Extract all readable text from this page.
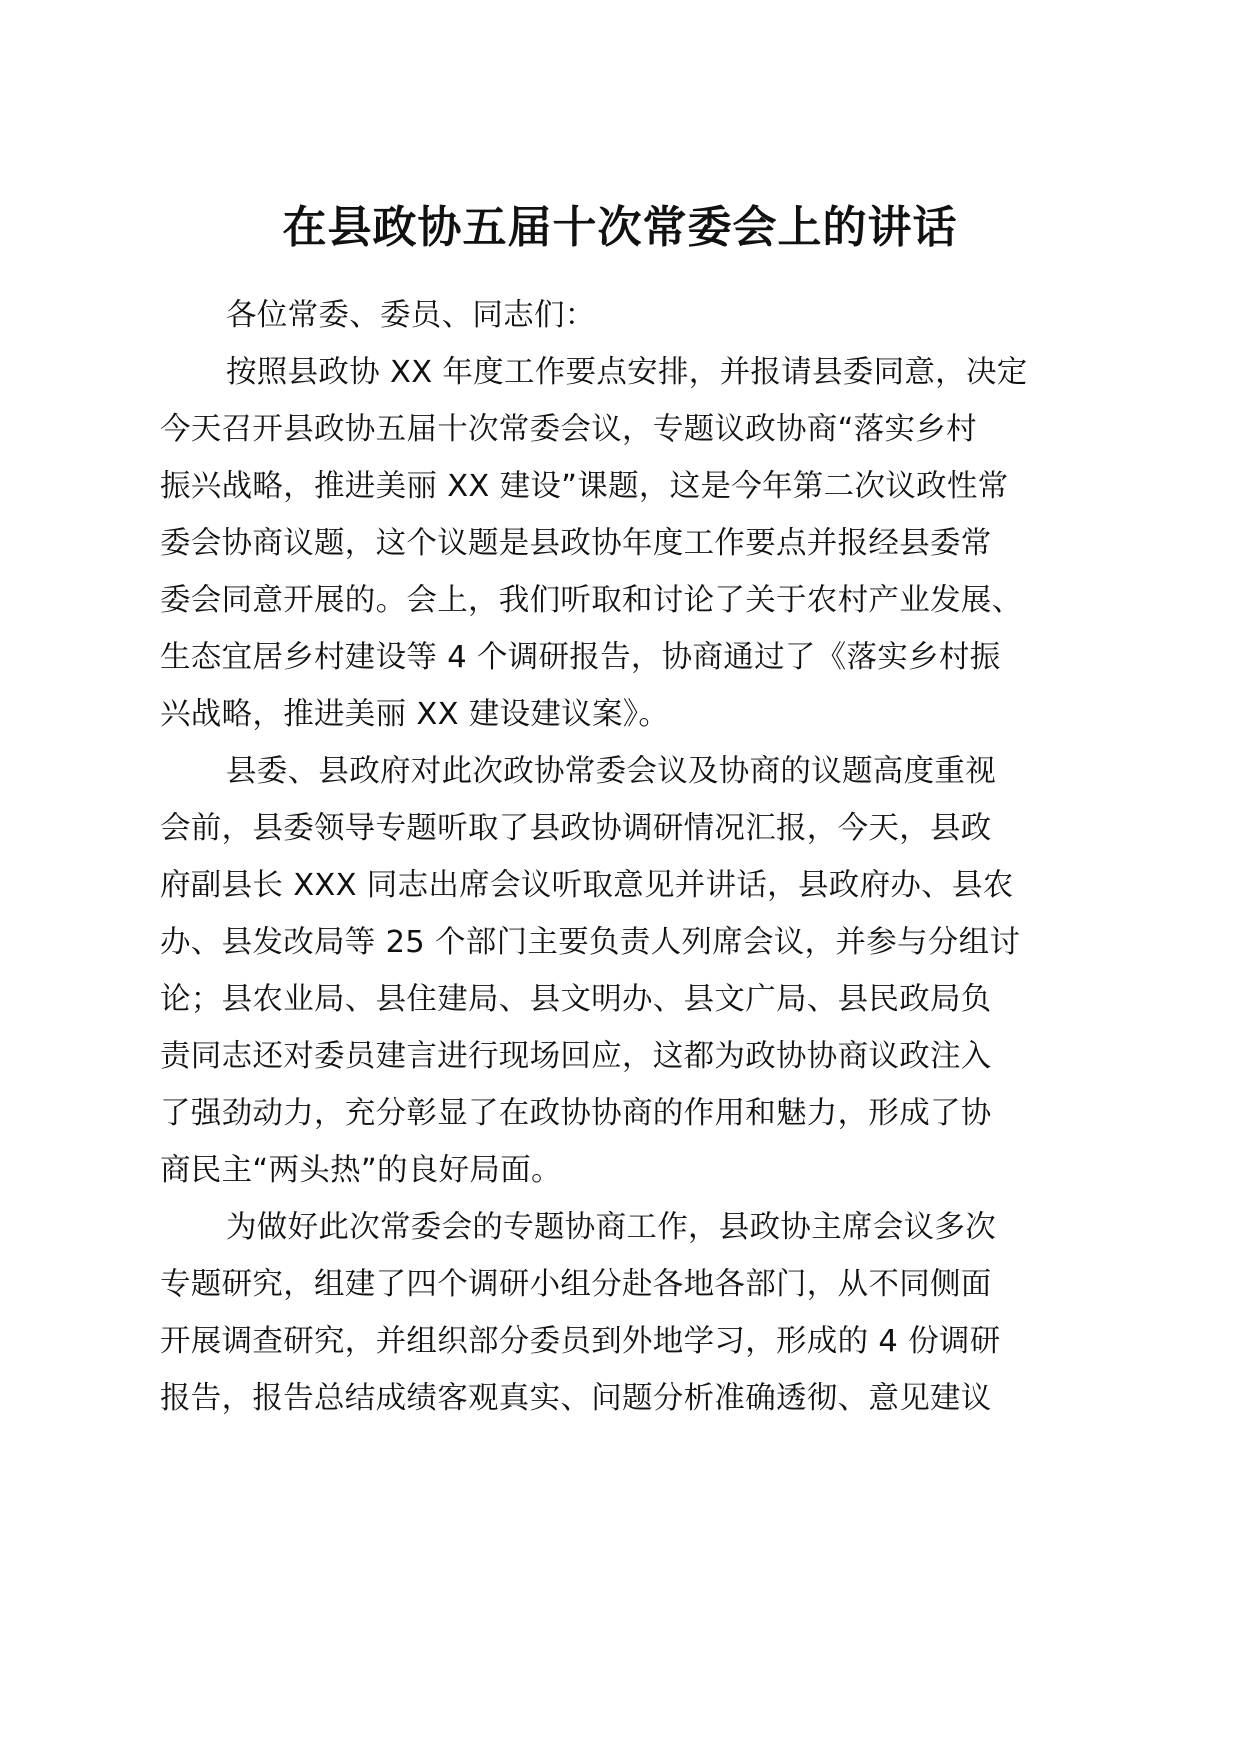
在县政协五届十次常委会上的讲话
各位常委、委员、同志们：
按照县政协 XX 年度工作要点安排，并报请县委同意，决定
今天召开县政协五届十次常委会议，专题议政协商“落实乡村
振兴战略，推进美丽 XX 建设”课题，这是今年第二次议政性常
委会协商议题，这个议题是县政协年度工作要点并报经县委常
委会同意开展的。会上，我们听取和讨论了关于农村产业发展、
生态宜居乡村建设等 4 个调研报告，协商通过了《落实乡村振
兴战略，推进美丽 XX 建设建议案》。
县委、县政府对此次政协常委会议及协商的议题高度重视
会前，县委领导专题听取了县政协调研情况汇报，今天，县政
府副县长 XXX 同志出席会议听取意见并讲话，县政府办、县农
办、县发改局等 25 个部门主要负责人列席会议，并参与分组讨
论；县农业局、县住建局、县文明办、县文广局、县民政局负
责同志还对委员建言进行现场回应，这都为政协协商议政注入
了强劲动力，充分彰显了在政协协商的作用和魅力，形成了协
商民主“两头热”的良好局面。
为做好此次常委会的专题协商工作，县政协主席会议多次
专题研究，组建了四个调研小组分赴各地各部门，从不同侧面
开展调查研究，并组织部分委员到外地学习，形成的 4 份调研
报告，报告总结成绩客观真实、问题分析准确透彻、意见建议
